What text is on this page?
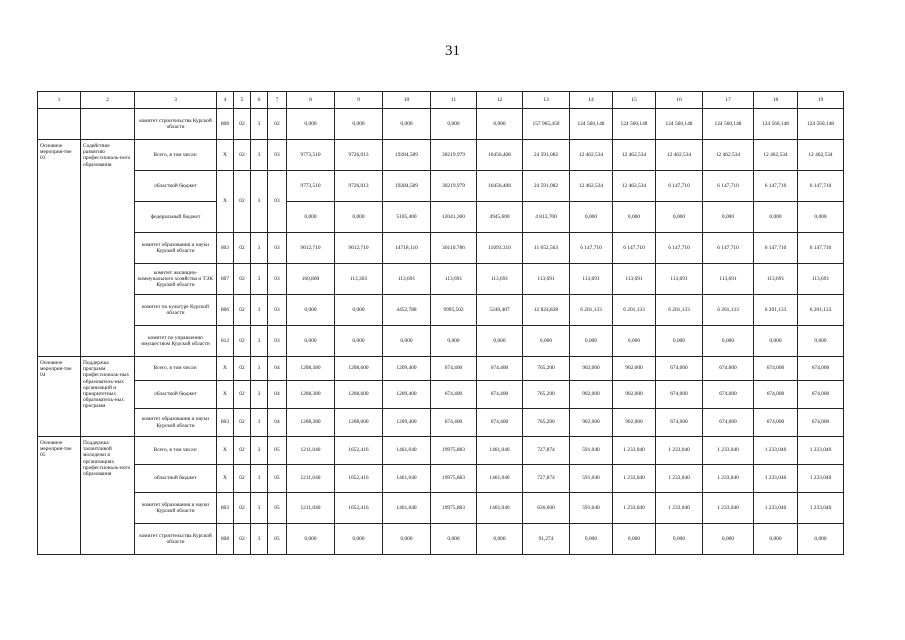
31
1	2	3	4	5	6	7	8	9	10	11	12	13	14	15	16	17	18	19
		комитет строительства Курской области	808	02	3	02	0,000	0,000	0,000	0,000	0,000	157 965,450	124 560,148	124 560,148	124 560,148	124 560,148	124 560,148	124 560,148
Основное мероприя-тие 03	Содействие развитию профессиональ-ного образования	Всего, в том числе:	Х	02	3	03	9773,510	9726,013	19284,589	30219,979	16456,408	24 591,082	12 462,534	12 462,534	12 462,534	12 462,534	12 462,534	12 462,534
		областной бюджет	Х	02	3	03	9773,510	9726,013	19284,589	30219,979	16456,408	24 591,082	12 462,534	12 462,534	6 147,710	6 147,710	6 147,710	6 147,710
		федеральный бюджет					0,000	0,000	5105,400	12041,300	4945,600	4 813,700	0,000	0,000	0,000	0,000	0,000	0,000
		комитет образования и науки Курской области	803	02	3	03	9612,710	9612,710	14718,110	30110,786	11093,310	11 652,563	6 147,710	6 147,710	6 147,710	6 147,710	6 147,710	6 147,710
		комитет жилищно-коммунального хозяйства и ТЭК Курской области	807	02	3	03	160,800	113,303	113,691	113,691	113,691	113,691	113,691	113,691	113,691	113,691	113,691	113,691
		комитет по культуре Курской области	806	02	3	03	0,000	0,000	4452,788	9995,502	5240,407	12 824,828	6 201,133	6 201,133	6 201,133	6 201,133	6 201,133	6 201,133
		комитет по управлению имуществом Курской области	812	02	3	03	0,000	0,000	0,000	0,000	0,000	0,000	0,000	0,000	0,000	0,000	0,000	0,000
Основное мероприя-тие 04	Поддержка программ профессиональ-ных образователь-ных организаций и приоритетных образователь-ных программ	Всего, в том числе:	Х	02	3	04	1208,380	1208,600	1209,400	674,400	674,400	765,200	902,000	902,000	674,000	674,000	674,000	674,000
		областной бюджет	Х	02	3	04	1208,380	1208,600	1209,400	674,400	674,400	765,200	902,000	902,000	674,000	674,000	674,000	674,000
		комитет образования и науки Курской области	803	02	3	04	1208,380	1208,600	1209,400	674,400	674,400	765,200	902,000	902,000	674,000	674,000	674,000	674,000
Основное мероприя-тие 05	Поддержка талантливой молодежи в организациях профессиональ-ного образования	Всего, в том числе:	Х	02	3	05	1211,040	1652,416	1461,040	19975,883	1461,040	727,874	591,040	1 233,040	1 233,040	1 233,040	1 233,040	1 233,040
		областной бюджет	Х	02	3	05	1211,040	1652,416	1461,040	19975,883	1461,040	727,874	591,040	1 233,040	1 233,040	1 233,040	1 233,040	1 233,040
		комитет образования и науки Курской области	803	02	3	05	1211,040	1652,416	1461,040	19975,883	1461,040	636,600	591,040	1 233,040	1 233,040	1 233,040	1 233,040	1 233,040
		комитет строительства Курской области	808	02	3	05	0,000	0,000	0,000	0,000	0,000	91,274	0,000	0,000	0,000	0,000	0,000	0,000
